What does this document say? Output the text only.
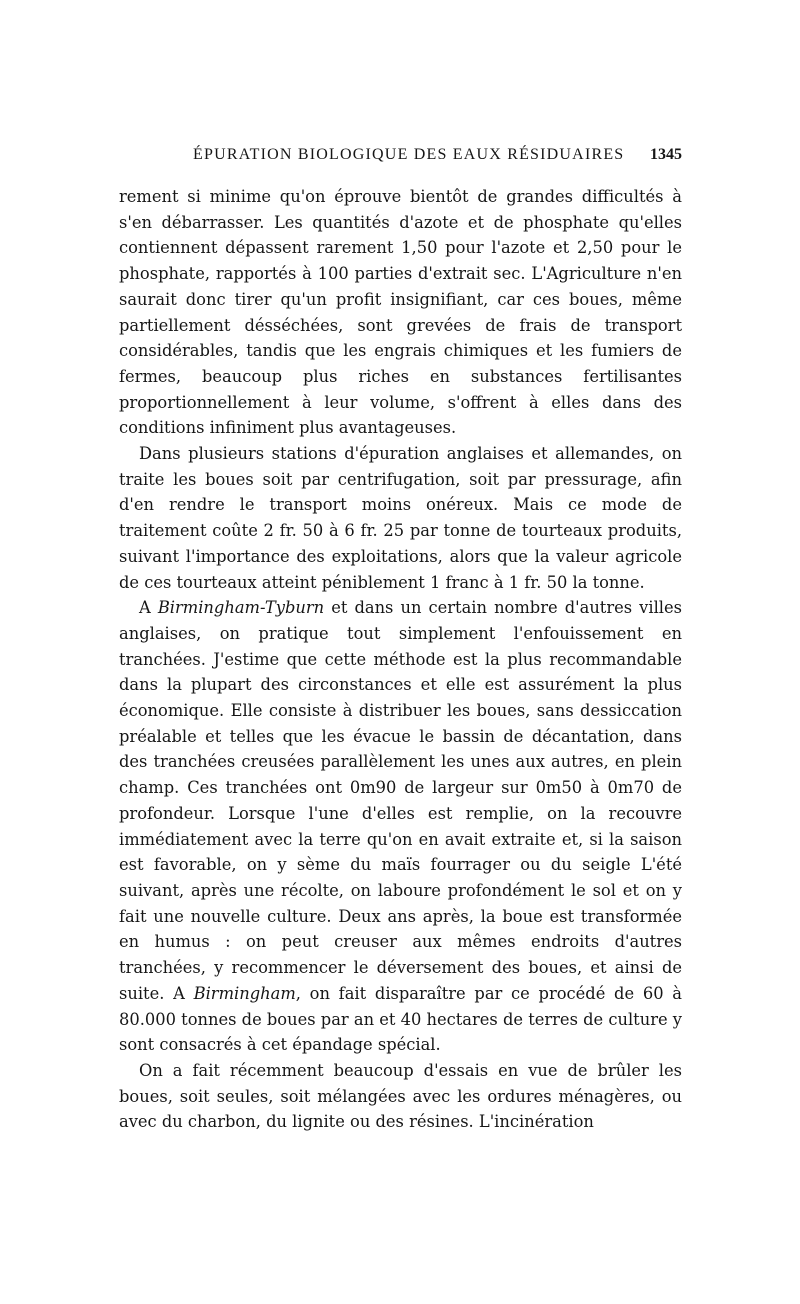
ÉPURATION BIOLOGIQUE DES EAUX RÉSIDUAIRES 1345

rement si minime qu'on éprouve bientôt de grandes difficultés à s'en débarrasser. Les quantités d'azote et de phosphate qu'elles contiennent dépassent rarement 1,50 pour l'azote et 2,50 pour le phosphate, rapportés à 100 parties d'extrait sec. L'Agriculture n'en saurait donc tirer qu'un profit insignifiant, car ces boues, même partiellement désséchées, sont grevées de frais de transport considérables, tandis que les engrais chimiques et les fumiers de fermes, beaucoup plus riches en substances fertilisantes proportionnellement à leur volume, s'offrent à elles dans des conditions infiniment plus avantageuses.

Dans plusieurs stations d'épuration anglaises et allemandes, on traite les boues soit par centrifugation, soit par pressurage, afin d'en rendre le transport moins onéreux. Mais ce mode de traitement coûte 2 fr. 50 à 6 fr. 25 par tonne de tourteaux produits, suivant l'importance des exploitations, alors que la valeur agricole de ces tourteaux atteint péniblement 1 franc à 1 fr. 50 la tonne.

A Birmingham-Tyburn et dans un certain nombre d'autres villes anglaises, on pratique tout simplement l'enfouissement en tranchées. J'estime que cette méthode est la plus recommandable dans la plupart des circonstances et elle est assurément la plus économique. Elle consiste à distribuer les boues, sans dessiccation préalable et telles que les évacue le bassin de décantation, dans des tranchées creusées parallèlement les unes aux autres, en plein champ. Ces tranchées ont 0m90 de largeur sur 0m50 à 0m70 de profondeur. Lorsque l'une d'elles est remplie, on la recouvre immédiatement avec la terre qu'on en avait extraite et, si la saison est favorable, on y sème du maïs fourrager ou du seigle L'été suivant, après une récolte, on laboure profondément le sol et on y fait une nouvelle culture. Deux ans après, la boue est transformée en humus : on peut creuser aux mêmes endroits d'autres tranchées, y recommencer le déversement des boues, et ainsi de suite. A Birmingham, on fait disparaître par ce procédé de 60 à 80.000 tonnes de boues par an et 40 hectares de terres de culture y sont consacrés à cet épandage spécial.

On a fait récemment beaucoup d'essais en vue de brûler les boues, soit seules, soit mélangées avec les ordures ménagères, ou avec du charbon, du lignite ou des résines. L'incinération
